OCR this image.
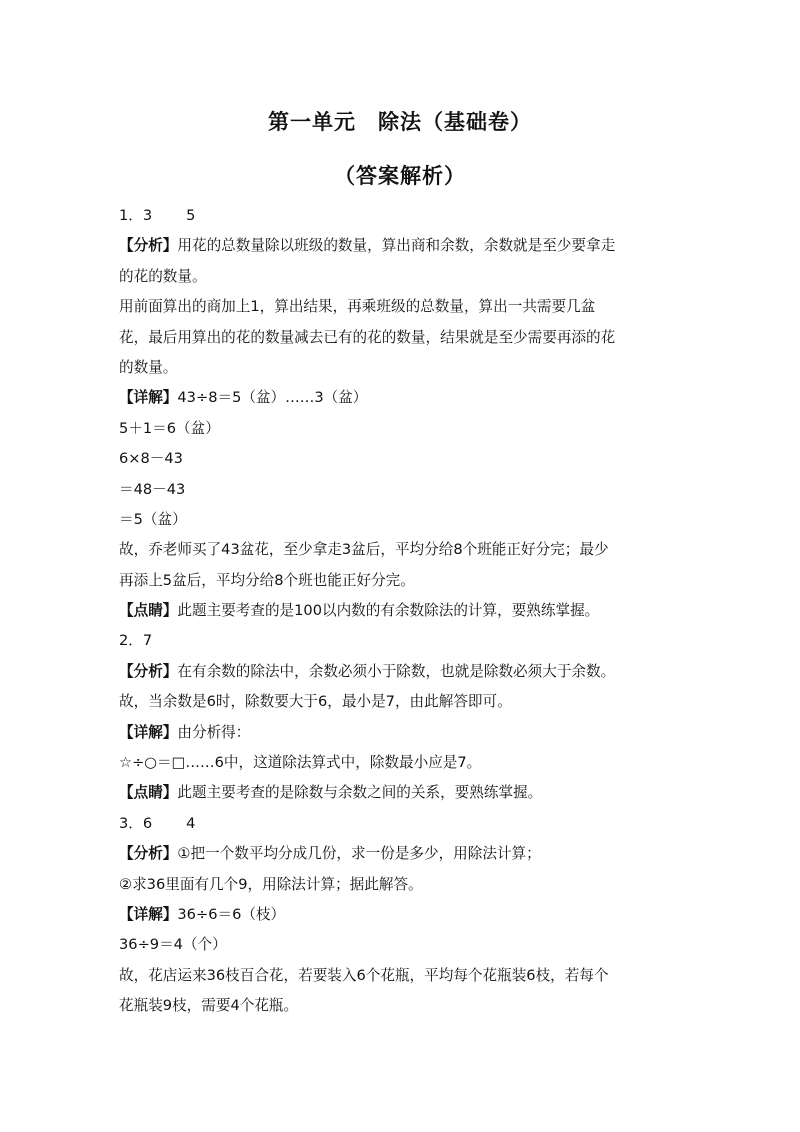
第一单元　除法（基础卷）
（答案解析）
1．3 5
【分析】用花的总数量除以班级的数量，算出商和余数，余数就是至少要拿走
的花的数量。
用前面算出的商加上1，算出结果，再乘班级的总数量，算出一共需要几盆
花，最后用算出的花的数量减去已有的花的数量，结果就是至少需要再添的花
的数量。
【详解】43÷8＝5（盆）……3（盆）
5＋1＝6（盆）
6×8－43
＝48－43
＝5（盆）
故，乔老师买了43盆花，至少拿走3盆后，平均分给8个班能正好分完；最少
再添上5盆后，平均分给8个班也能正好分完。
【点睛】此题主要考查的是100以内数的有余数除法的计算，要熟练掌握。
2．7
【分析】在有余数的除法中，余数必须小于除数，也就是除数必须大于余数。
故，当余数是6时，除数要大于6，最小是7，由此解答即可。
【详解】由分析得：
☆÷○＝□……6中，这道除法算式中，除数最小应是7。
【点睛】此题主要考查的是除数与余数之间的关系，要熟练掌握。
3．6 4
【分析】①把一个数平均分成几份，求一份是多少，用除法计算；
②求36里面有几个9，用除法计算；据此解答。
【详解】36÷6＝6（枝）
36÷9＝4（个）
故，花店运来36枝百合花，若要装入6个花瓶，平均每个花瓶装6枝，若每个
花瓶装9枝，需要4个花瓶。
